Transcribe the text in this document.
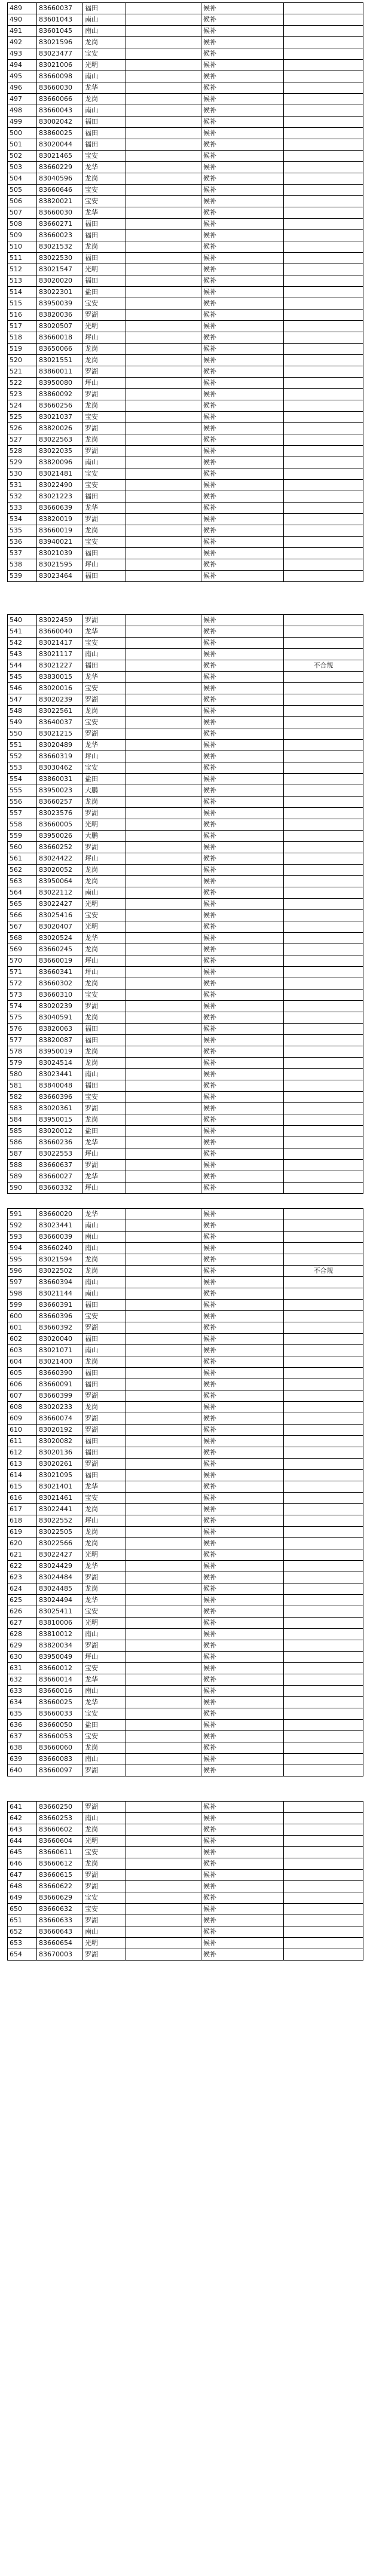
489	83660037	福田		候补	
490	83601043	南山		候补	
491	83601045	南山		候补	
492	83021596	龙岗		候补	
493	83023477	宝安		候补	
494	83021006	光明		候补	
495	83660098	南山		候补	
496	83660030	龙华		候补	
497	83660066	龙岗		候补	
498	83660043	南山		候补	
499	83002042	福田		候补	
500	83860025	福田		候补	
501	83020044	福田		候补	
502	83021465	宝安		候补	
503	83660229	龙华		候补	
504	83040596	龙岗		候补	
505	83660646	宝安		候补	
506	83820021	宝安		候补	
507	83660030	龙华		候补	
508	83660271	福田		候补	
509	83660023	福田		候补	
510	83021532	龙岗		候补	
511	83022530	福田		候补	
512	83021547	光明		候补	
513	83020020	福田		候补	
514	83022301	盐田		候补	
515	83950039	宝安		候补	
516	83820036	罗湖		候补	
517	83020507	光明		候补	
518	83660018	坪山		候补	
519	83650066	龙岗		候补	
520	83021551	龙岗		候补	
521	83860011	罗湖		候补	
522	83950080	坪山		候补	
523	83860092	罗湖		候补	
524	83660256	龙岗		候补	
525	83021037	宝安		候补	
526	83820026	罗湖		候补	
527	83022563	龙岗		候补	
528	83022035	罗湖		候补	
529	83820096	南山		候补	
530	83021481	宝安		候补	
531	83022490	宝安		候补	
532	83021223	福田		候补	
533	83660639	龙华		候补	
534	83820019	罗湖		候补	
535	83660019	龙岗		候补	
536	83940021	宝安		候补	
537	83021039	福田		候补	
538	83021595	坪山		候补	
539	83023464	福田		候补	
540	83022459	罗湖		候补	
541	83660040	龙华		候补	
542	83021417	宝安		候补	
543	83021117	南山		候补	
544	83021227	福田		候补	不合规
545	83830015	龙华		候补	
546	83020016	宝安		候补	
547	83020239	罗湖		候补	
548	83022561	龙岗		候补	
549	83640037	宝安		候补	
550	83021215	罗湖		候补	
551	83020489	龙华		候补	
552	83660319	坪山		候补	
553	83030462	宝安		候补	
554	83860031	盐田		候补	
555	83950023	大鹏		候补	
556	83660257	龙岗		候补	
557	83023576	罗湖		候补	
558	83660005	光明		候补	
559	83950026	大鹏		候补	
560	83660252	罗湖		候补	
561	83024422	坪山		候补	
562	83020052	龙岗		候补	
563	83950064	龙岗		候补	
564	83022112	南山		候补	
565	83022427	光明		候补	
566	83025416	宝安		候补	
567	83020407	光明		候补	
568	83020524	龙华		候补	
569	83660245	龙岗		候补	
570	83660019	坪山		候补	
571	83660341	坪山		候补	
572	83660302	龙岗		候补	
573	83660310	宝安		候补	
574	83020239	罗湖		候补	
575	83040591	龙岗		候补	
576	83820063	福田		候补	
577	83820087	福田		候补	
578	83950019	龙岗		候补	
579	83024514	龙岗		候补	
580	83023441	南山		候补	
581	83840048	福田		候补	
582	83660396	宝安		候补	
583	83020361	罗湖		候补	
584	83950015	龙岗		候补	
585	83020012	盐田		候补	
586	83660236	龙华		候补	
587	83022553	坪山		候补	
588	83660637	罗湖		候补	
589	83660027	龙华		候补	
590	83660332	坪山		候补	
591	83660020	龙华		候补	
592	83023441	南山		候补	
593	83660039	南山		候补	
594	83660240	南山		候补	
595	83021594	龙岗		候补	
596	83022502	龙岗		候补	不合规
597	83660394	南山		候补	
598	83021144	南山		候补	
599	83660391	福田		候补	
600	83660396	宝安		候补	
601	83660392	罗湖		候补	
602	83020040	福田		候补	
603	83021071	南山		候补	
604	83021400	龙岗		候补	
605	83660390	福田		候补	
606	83660091	福田		候补	
607	83660399	罗湖		候补	
608	83020233	龙岗		候补	
609	83660074	罗湖		候补	
610	83020192	罗湖		候补	
611	83020082	福田		候补	
612	83020136	福田		候补	
613	83020261	罗湖		候补	
614	83021095	福田		候补	
615	83021401	龙华		候补	
616	83021461	宝安		候补	
617	83022441	龙岗		候补	
618	83022552	坪山		候补	
619	83022505	龙岗		候补	
620	83022566	龙岗		候补	
621	83022427	光明		候补	
622	83024429	龙华		候补	
623	83024484	罗湖		候补	
624	83024485	龙岗		候补	
625	83024494	龙华		候补	
626	83025411	宝安		候补	
627	83810006	光明		候补	
628	83810012	南山		候补	
629	83820034	罗湖		候补	
630	83950049	坪山		候补	
631	83660012	宝安		候补	
632	83660014	龙华		候补	
633	83660016	南山		候补	
634	83660025	龙华		候补	
635	83660033	宝安		候补	
636	83660050	盐田		候补	
637	83660053	宝安		候补	
638	83660060	龙岗		候补	
639	83660083	南山		候补	
640	83660097	罗湖		候补	
641	83660250	罗湖		候补	
642	83660253	南山		候补	
643	83660602	龙岗		候补	
644	83660604	光明		候补	
645	83660611	宝安		候补	
646	83660612	龙岗		候补	
647	83660615	罗湖		候补	
648	83660622	罗湖		候补	
649	83660629	宝安		候补	
650	83660632	宝安		候补	
651	83660633	罗湖		候补	
652	83660643	南山		候补	
653	83660654	光明		候补	
654	83670003	罗湖		候补	
